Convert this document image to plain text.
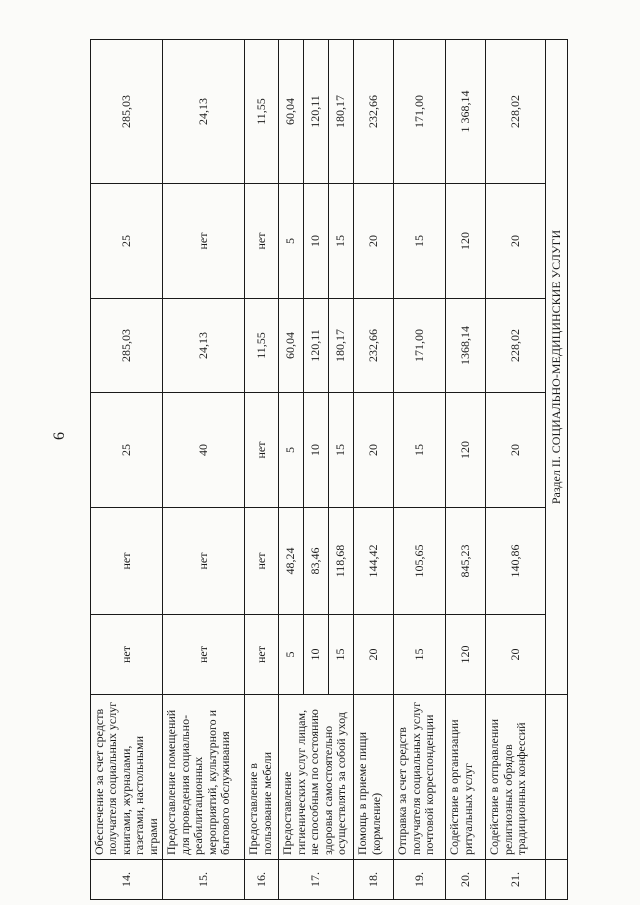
6
14.	Обеспечение за счет средств получателя социальных услуг книгами, журналами, газетами, настольными играми	нет	нет	25	285,03	25	285,03
15.	Предоставление помещений для проведения социально-реабилитационных мероприятий, культурного и бытового обслуживания	нет	нет	40	24,13	нет	24,13
16.	Предоставление в пользование мебели	нет	нет	нет	11,55	нет	11,55
17.	Предоставление гигиенических услуг лицам, не способным по состоянию здоровья самостоятельно осуществлять за собой уход	5	48,24	5	60,04	5	60,04
		10	83,46	10	120,11	10	120,11
		15	118,68	15	180,17	15	180,17
18.	Помощь в приеме пищи (кормление)	20	144,42	20	232,66	20	232,66
19.	Отправка за счет средств получателя социальных услуг почтовой корреспонденции	15	105,65	15	171,00	15	171,00
20.	Содействие в организации ритуальных услуг	120	845,23	120	1368,14	120	1 368,14
21.	Содействие в отправлении религиозных обрядов традиционных конфессий	20	140,86	20	228,02	20	228,02
		Раздел II. СОЦИАЛЬНО-МЕДИЦИНСКИЕ УСЛУГИ					
